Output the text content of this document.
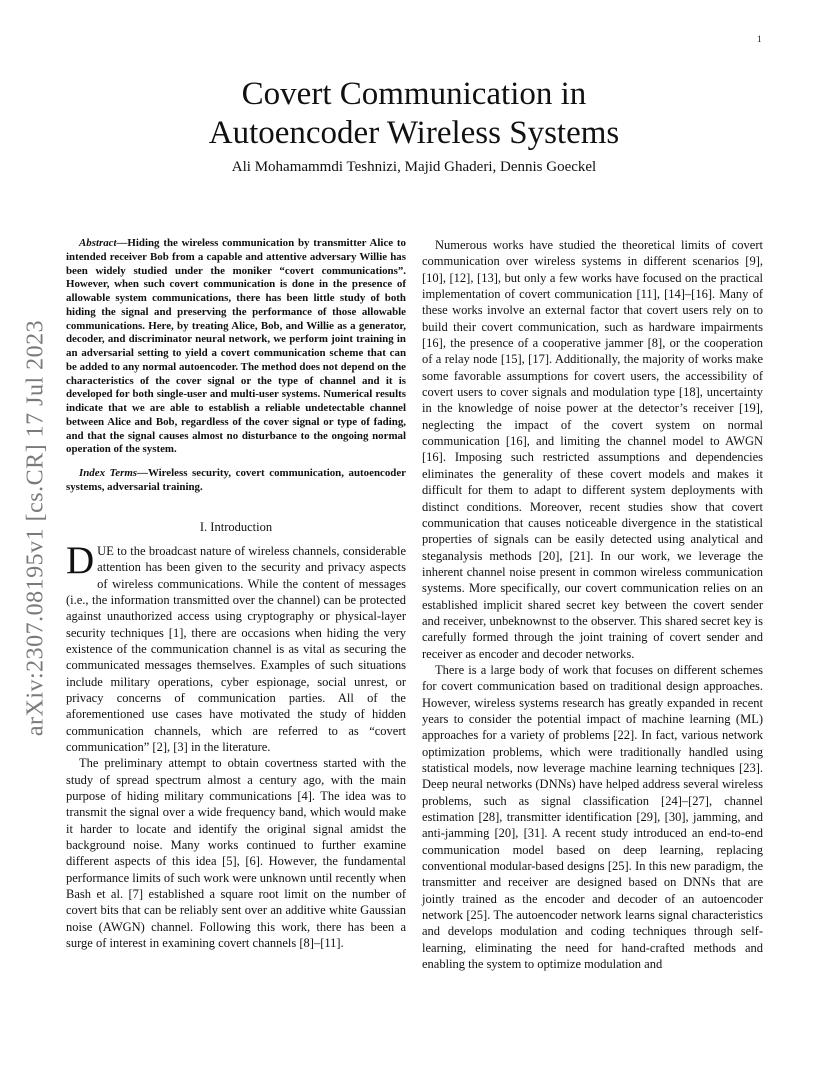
1
arXiv:2307.08195v1 [cs.CR] 17 Jul 2023
Covert Communication in
Autoencoder Wireless Systems
Ali Mohamammdi Teshnizi, Majid Ghaderi, Dennis Goeckel

Abstract—Hiding the wireless communication by transmitter Alice to intended receiver Bob from a capable and attentive adversary Willie has been widely studied under the moniker “covert communications”. However, when such covert communication is done in the presence of allowable system communications, there has been little study of both hiding the signal and preserving the performance of those allowable communications. Here, by treating Alice, Bob, and Willie as a generator, decoder, and discriminator neural network, we perform joint training in an adversarial setting to yield a covert communication scheme that can be added to any normal autoencoder. The method does not depend on the characteristics of the cover signal or the type of channel and it is developed for both single-user and multi-user systems. Numerical results indicate that we are able to establish a reliable undetectable channel between Alice and Bob, regardless of the cover signal or type of fading, and that the signal causes almost no disturbance to the ongoing normal operation of the system.

Index Terms—Wireless security, covert communication, autoencoder systems, adversarial training.

I. Introduction

DUE to the broadcast nature of wireless channels, considerable attention has been given to the security and privacy aspects of wireless communications. While the content of messages (i.e., the information transmitted over the channel) can be protected against unauthorized access using cryptography or physical-layer security techniques [1], there are occasions when hiding the very existence of the communication channel is as vital as securing the communicated messages themselves. Examples of such situations include military operations, cyber espionage, social unrest, or privacy concerns of communication parties. All of the aforementioned use cases have motivated the study of hidden communication channels, which are referred to as “covert communication” [2], [3] in the literature.

The preliminary attempt to obtain covertness started with the study of spread spectrum almost a century ago, with the main purpose of hiding military communications [4]. The idea was to transmit the signal over a wide frequency band, which would make it harder to locate and identify the original signal amidst the background noise. Many works continued to further examine different aspects of this idea [5], [6]. However, the fundamental performance limits of such work were unknown until recently when Bash et al. [7] established a square root limit on the number of covert bits that can be reliably sent over an additive white Gaussian noise (AWGN) channel. Following this work, there has been a surge of interest in examining covert channels [8]–[11].

Numerous works have studied the theoretical limits of covert communication over wireless systems in different scenarios [9], [10], [12], [13], but only a few works have focused on the practical implementation of covert communication [11], [14]–[16]. Many of these works involve an external factor that covert users rely on to build their covert communication, such as hardware impairments [16], the presence of a cooperative jammer [8], or the cooperation of a relay node [15], [17]. Additionally, the majority of works make some favorable assumptions for covert users, the accessibility of covert users to cover signals and modulation type [18], uncertainty in the knowledge of noise power at the detector’s receiver [19], neglecting the impact of the covert system on normal communication [16], and limiting the channel model to AWGN [16]. Imposing such restricted assumptions and dependencies eliminates the generality of these covert models and makes it difficult for them to adapt to different system deployments with distinct conditions. Moreover, recent studies show that covert communication that causes noticeable divergence in the statistical properties of signals can be easily detected using analytical and steganalysis methods [20], [21]. In our work, we leverage the inherent channel noise present in common wireless communication systems. More specifically, our covert communication relies on an established implicit shared secret key between the covert sender and receiver, unbeknownst to the observer. This shared secret key is carefully formed through the joint training of covert sender and receiver as encoder and decoder networks.

There is a large body of work that focuses on different schemes for covert communication based on traditional design approaches. However, wireless systems research has greatly expanded in recent years to consider the potential impact of machine learning (ML) approaches for a variety of problems [22]. In fact, various network optimization problems, which were traditionally handled using statistical models, now leverage machine learning techniques [23]. Deep neural networks (DNNs) have helped address several wireless problems, such as signal classification [24]–[27], channel estimation [28], transmitter identification [29], [30], jamming, and anti-jamming [20], [31]. A recent study introduced an end-to-end communication model based on deep learning, replacing conventional modular-based designs [25]. In this new paradigm, the transmitter and receiver are designed based on DNNs that are jointly trained as the encoder and decoder of an autoencoder network [25]. The autoencoder network learns signal characteristics and develops modulation and coding techniques through self-learning, eliminating the need for hand-crafted methods and enabling the system to optimize modulation and
